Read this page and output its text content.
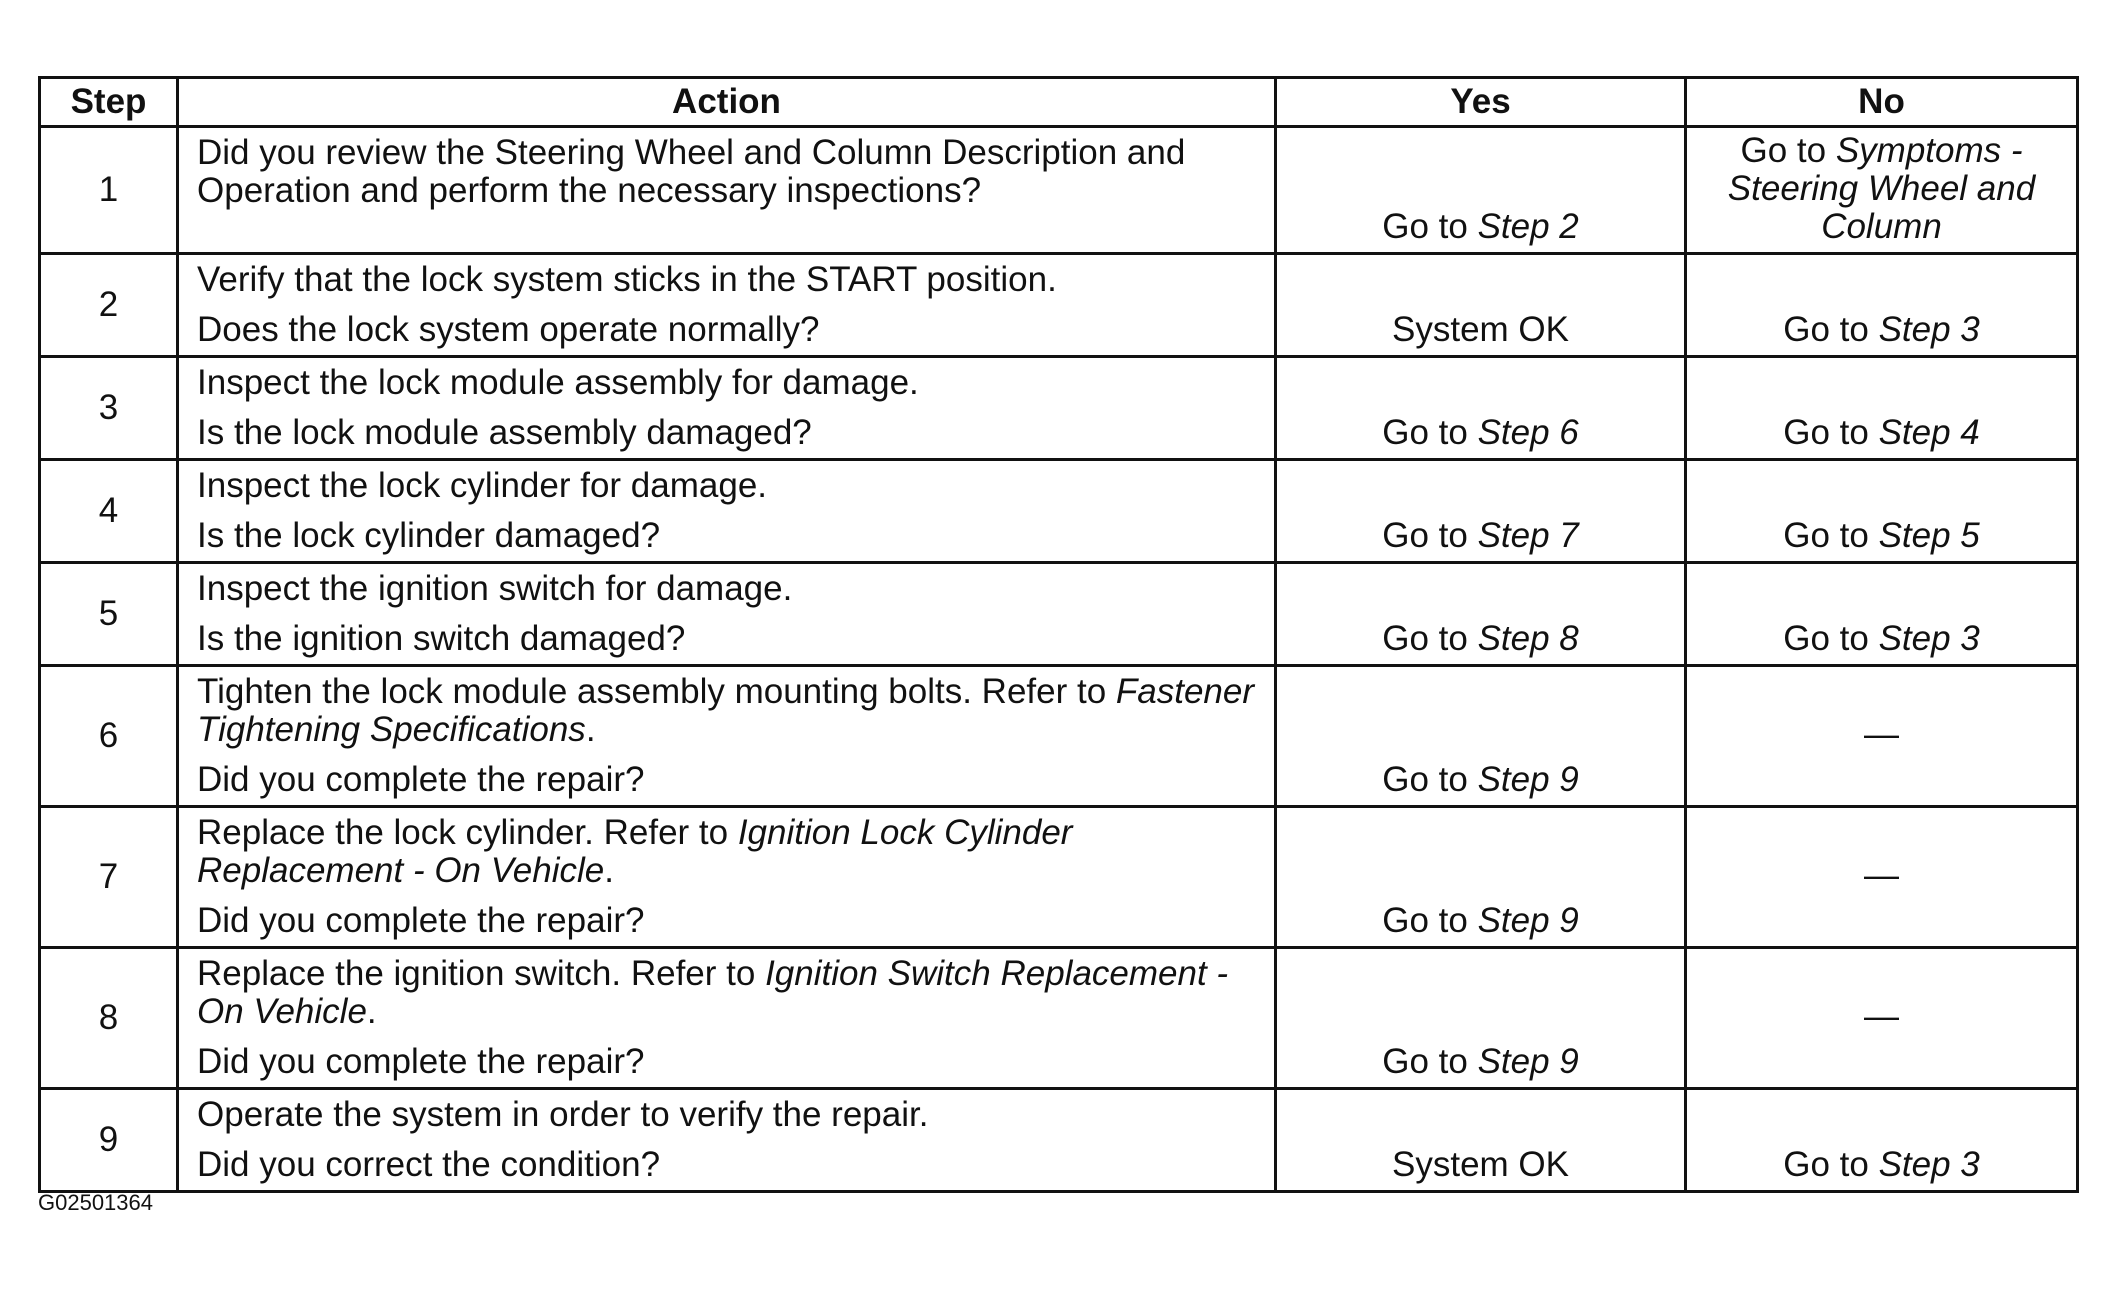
Step	Action	Yes	No
1	Did you review the Steering Wheel and Column Description and Operation and perform the necessary inspections?	Go to Step 2	Go to Symptoms - Steering Wheel and Column
2	Verify that the lock system sticks in the START position.
Does the lock system operate normally?	System OK	Go to Step 3
3	Inspect the lock module assembly for damage.
Is the lock module assembly damaged?	Go to Step 6	Go to Step 4
4	Inspect the lock cylinder for damage.
Is the lock cylinder damaged?	Go to Step 7	Go to Step 5
5	Inspect the ignition switch for damage.
Is the ignition switch damaged?	Go to Step 8	Go to Step 3
6	Tighten the lock module assembly mounting bolts. Refer to Fastener Tightening Specifications.
Did you complete the repair?	Go to Step 9	—
7	Replace the lock cylinder. Refer to Ignition Lock Cylinder Replacement - On Vehicle.
Did you complete the repair?	Go to Step 9	—
8	Replace the ignition switch. Refer to Ignition Switch Replacement - On Vehicle.
Did you complete the repair?	Go to Step 9	—
9	Operate the system in order to verify the repair.
Did you correct the condition?	System OK	Go to Step 3
G02501364
